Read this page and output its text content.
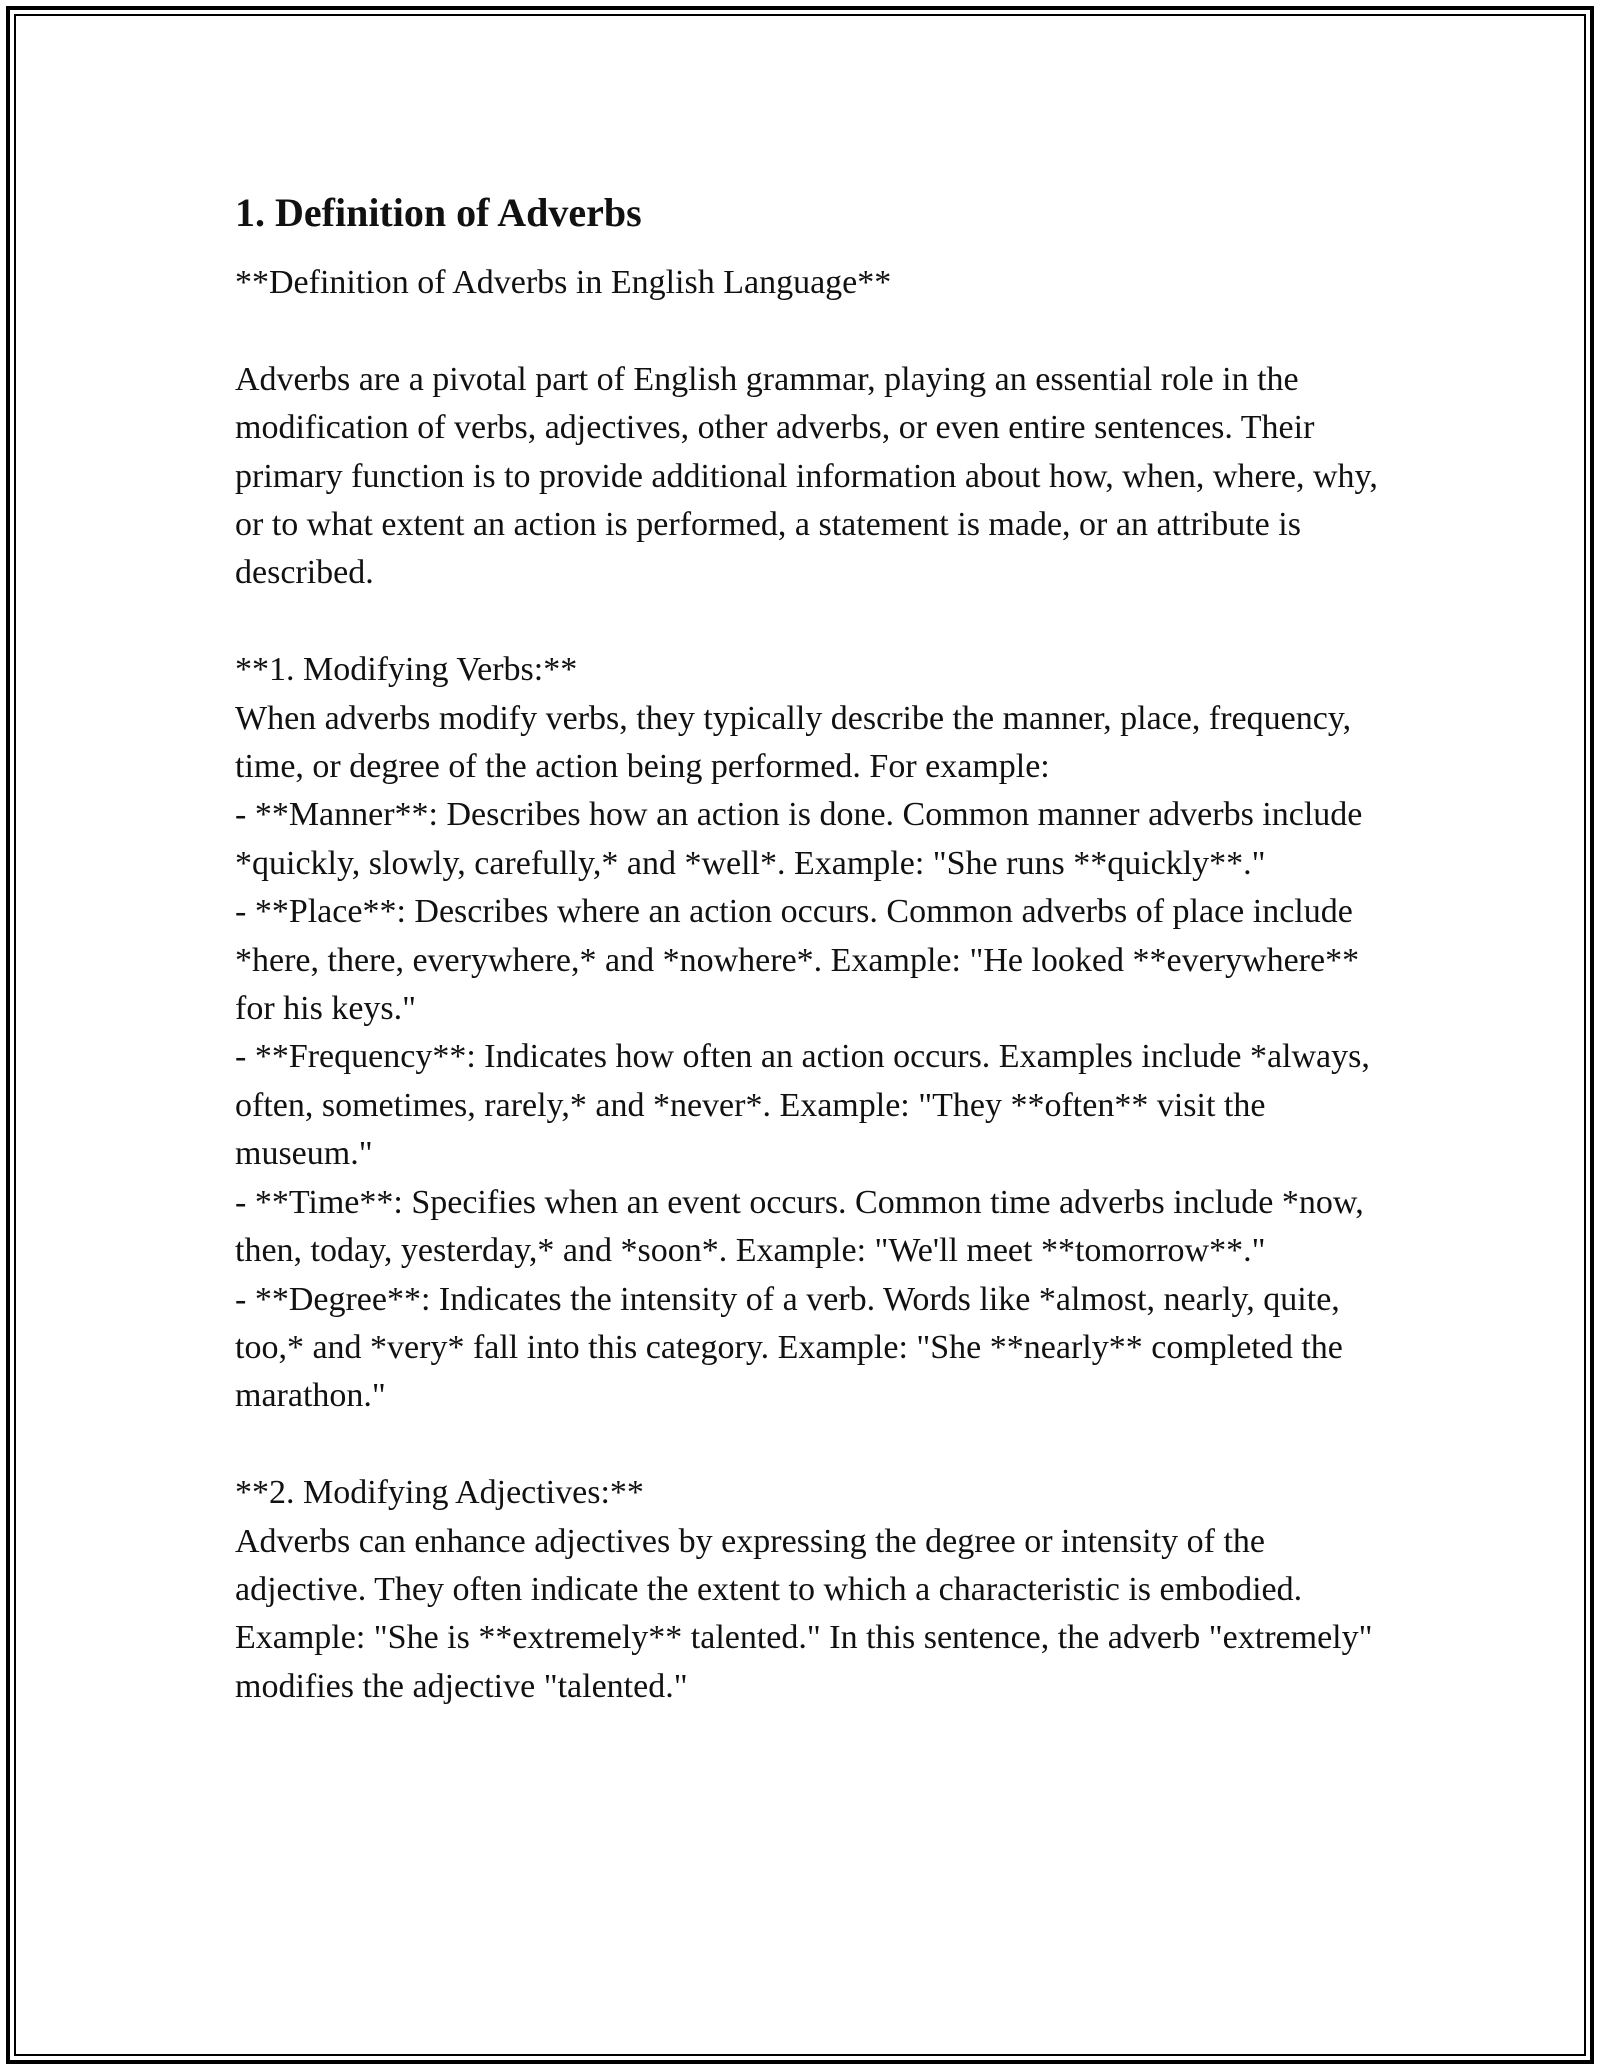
1. Definition of Adverbs

**Definition of Adverbs in English Language**

Adverbs are a pivotal part of English grammar, playing an essential role in the modification of verbs, adjectives, other adverbs, or even entire sentences. Their primary function is to provide additional information about how, when, where, why, or to what extent an action is performed, a statement is made, or an attribute is described.

**1. Modifying Verbs:**

When adverbs modify verbs, they typically describe the manner, place, frequency, time, or degree of the action being performed. For example:

- **Manner**: Describes how an action is done. Common manner adverbs include *quickly, slowly, carefully,* and *well*. Example: "She runs **quickly**."

- **Place**: Describes where an action occurs. Common adverbs of place include *here, there, everywhere,* and *nowhere*. Example: "He looked **everywhere** for his keys."

- **Frequency**: Indicates how often an action occurs. Examples include *always, often, sometimes, rarely,* and *never*. Example: "They **often** visit the museum."

- **Time**: Specifies when an event occurs. Common time adverbs include *now, then, today, yesterday,* and *soon*. Example: "We'll meet **tomorrow**."

- **Degree**: Indicates the intensity of a verb. Words like *almost, nearly, quite, too,* and *very* fall into this category. Example: "She **nearly** completed the marathon."

**2. Modifying Adjectives:**

Adverbs can enhance adjectives by expressing the degree or intensity of the adjective. They often indicate the extent to which a characteristic is embodied. Example: "She is **extremely** talented." In this sentence, the adverb "extremely" modifies the adjective "talented."
